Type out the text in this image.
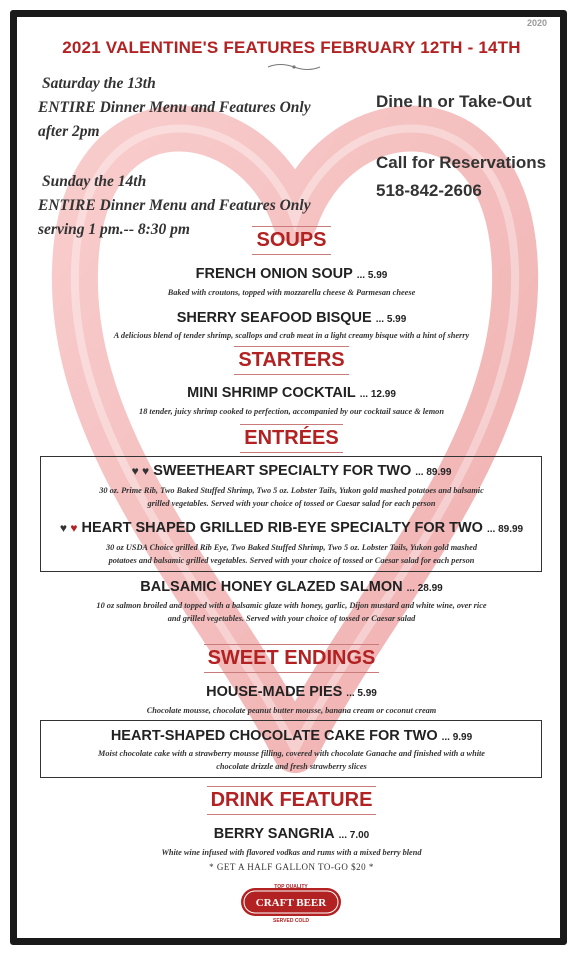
2020
2021 VALENTINE'S FEATURES FEBRUARY 12TH - 14TH
Saturday the 13th
ENTIRE Dinner Menu and Features Only
after 2pm
Sunday the 14th
ENTIRE Dinner Menu and Features Only
serving 1 pm.-- 8:30 pm
Dine In or Take-Out
Call for Reservations
518-842-2606
SOUPS
FRENCH ONION SOUP ... 5.99
Baked with croutons, topped with mozzarella cheese & Parmesan cheese
SHERRY SEAFOOD BISQUE ... 5.99
A delicious blend of tender shrimp, scallops and crab meat in a light creamy bisque with a hint of sherry
STARTERS
MINI SHRIMP COCKTAIL ... 12.99
18 tender, juicy shrimp cooked to perfection, accompanied by our cocktail sauce & lemon
ENTRÉES
♥ ♥ SWEETHEART SPECIALTY FOR TWO ... 89.99
30 oz. Prime Rib, Two Baked Stuffed Shrimp, Two 5 oz. Lobster Tails, Yukon gold mashed potatoes and balsamic
grilled vegetables. Served with your choice of tossed or Caesar salad for each person
♥ ♥ HEART SHAPED GRILLED RIB-EYE SPECIALTY FOR TWO ... 89.99
30 oz USDA Choice grilled Rib Eye, Two Baked Stuffed Shrimp, Two 5 oz. Lobster Tails, Yukon gold mashed
potatoes and balsamic grilled vegetables. Served with your choice of tossed or Caesar salad for each person
BALSAMIC HONEY GLAZED SALMON ... 28.99
10 oz salmon broiled and topped with a balsamic glaze with honey, garlic, Dijon mustard and white wine, over rice
and grilled vegetables. Served with your choice of tossed or Caesar salad
SWEET ENDINGS
HOUSE-MADE PIES ... 5.99
Chocolate mousse, chocolate peanut butter mousse, banana cream or coconut cream
HEART-SHAPED CHOCOLATE CAKE FOR TWO ... 9.99
Moist chocolate cake with a strawberry mousse filling, covered with chocolate Ganache and finished with a white
chocolate drizzle and fresh strawberry slices
DRINK FEATURE
BERRY SANGRIA ... 7.00
White wine infused with flavored vodkas and rums with a mixed berry blend
* GET A HALF GALLON TO-GO $20 *
TOP QUALITY
CRAFT BEER
SERVED COLD
